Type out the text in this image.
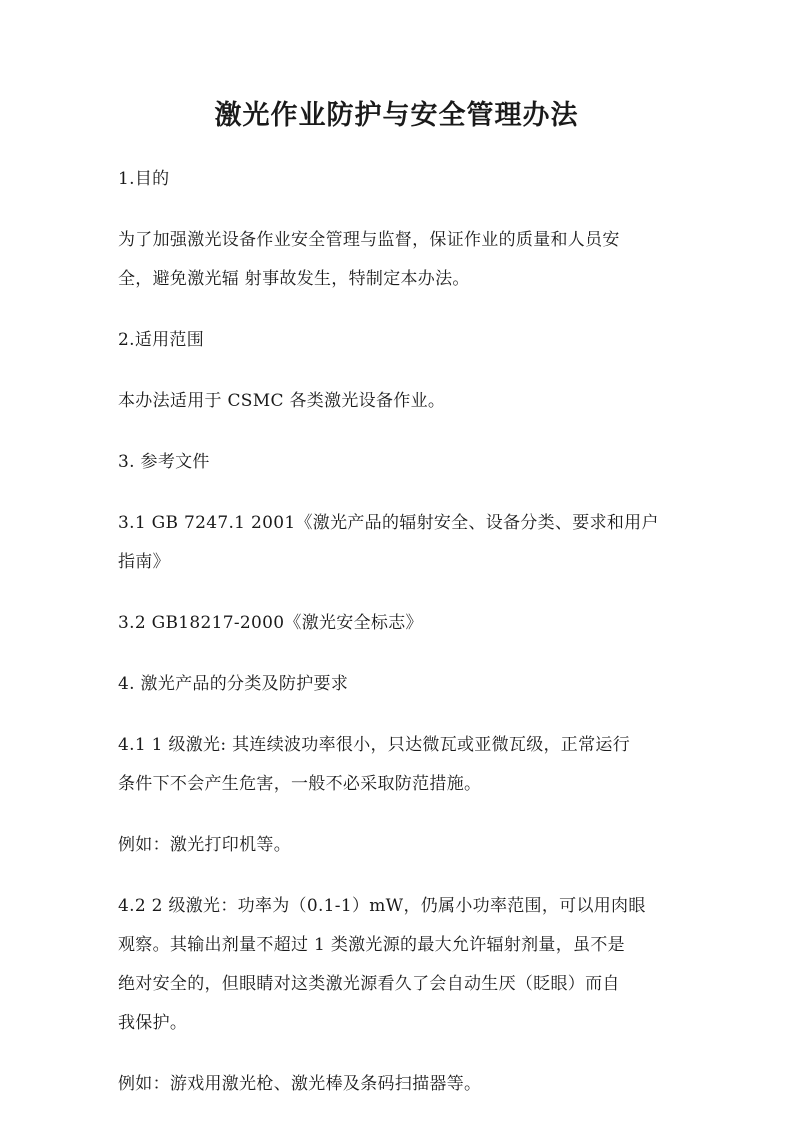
激光作业防护与安全管理办法

1.目的

为了加强激光设备作业安全管理与监督，保证作业的质量和人员安
全，避免激光辐 射事故发生，特制定本办法。

2.适用范围

本办法适用于 CSMC 各类激光设备作业。

3. 参考文件

3.1 GB 7247.1 2001《激光产品的辐射安全、设备分类、要求和用户
指南》

3.2 GB18217-2000《激光安全标志》

4. 激光产品的分类及防护要求

4.1 1 级激光: 其连续波功率很小，只达微瓦或亚微瓦级，正常运行
条件下不会产生危害，一般不必采取防范措施。

例如：激光打印机等。

4.2 2 级激光：功率为（0.1-1）mW，仍属小功率范围，可以用肉眼
观察。其输出剂量不超过 1 类激光源的最大允许辐射剂量，虽不是
绝对安全的，但眼睛对这类激光源看久了会自动生厌（眨眼）而自
我保护。

例如：游戏用激光枪、激光棒及条码扫描器等。
